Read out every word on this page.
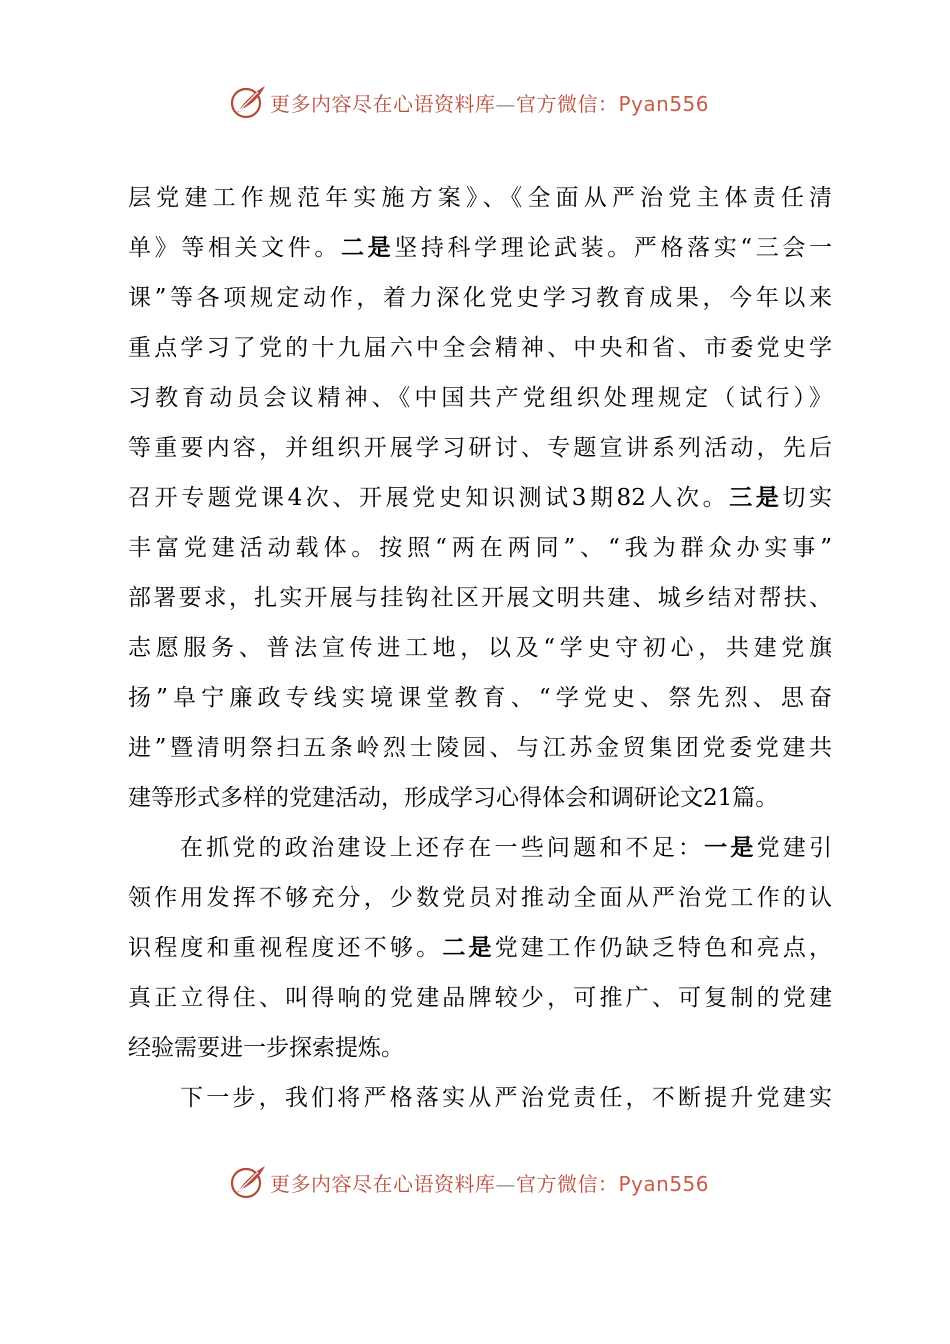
更多内容尽在心语资料库—官方微信：Pyan556
层党建工作规范年实施方案》、《全面从严治党主体责任清
单》等相关文件。二是坚持科学理论武装。严格落实“三会一
课”等各项规定动作，着力深化党史学习教育成果，今年以来
重点学习了党的十九届六中全会精神、中央和省、市委党史学
习教育动员会议精神、《中国共产党组织处理规定（试行）》
等重要内容，并组织开展学习研讨、专题宣讲系列活动，先后
召开专题党课4次、开展党史知识测试3期82人次。三是切实
丰富党建活动载体。按照“两在两同”、“我为群众办实事”
部署要求，扎实开展与挂钩社区开展文明共建、城乡结对帮扶、
志愿服务、普法宣传进工地，以及“学史守初心，共建党旗
扬”阜宁廉政专线实境课堂教育、“学党史、祭先烈、思奋
进”暨清明祭扫五条岭烈士陵园、与江苏金贸集团党委党建共
建等形式多样的党建活动，形成学习心得体会和调研论文21篇。
在抓党的政治建设上还存在一些问题和不足：一是党建引
领作用发挥不够充分，少数党员对推动全面从严治党工作的认
识程度和重视程度还不够。二是党建工作仍缺乏特色和亮点，
真正立得住、叫得响的党建品牌较少，可推广、可复制的党建
经验需要进一步探索提炼。
下一步，我们将严格落实从严治党责任，不断提升党建实
更多内容尽在心语资料库—官方微信：Pyan556
